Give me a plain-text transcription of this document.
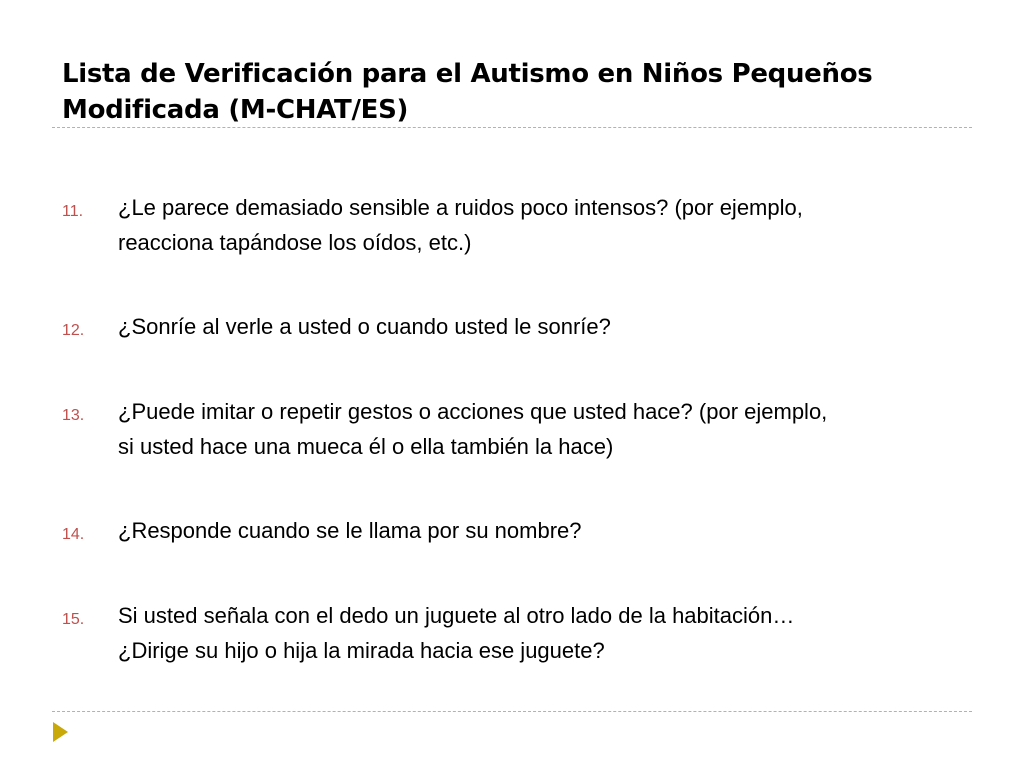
Lista de Verificación para el Autismo en Niños Pequeños
Modificada (M-CHAT/ES)
11. ¿Le parece demasiado sensible a ruidos poco intensos? (por ejemplo,
reacciona tapándose los oídos, etc.)
12. ¿Sonríe al verle a usted o cuando usted le sonríe?
13. ¿Puede imitar o repetir gestos o acciones que usted hace? (por ejemplo,
si usted hace una mueca él o ella también la hace)
14. ¿Responde cuando se le llama por su nombre?
15. Si usted señala con el dedo un juguete al otro lado de la habitación…
¿Dirige su hijo o hija la mirada hacia ese juguete?
